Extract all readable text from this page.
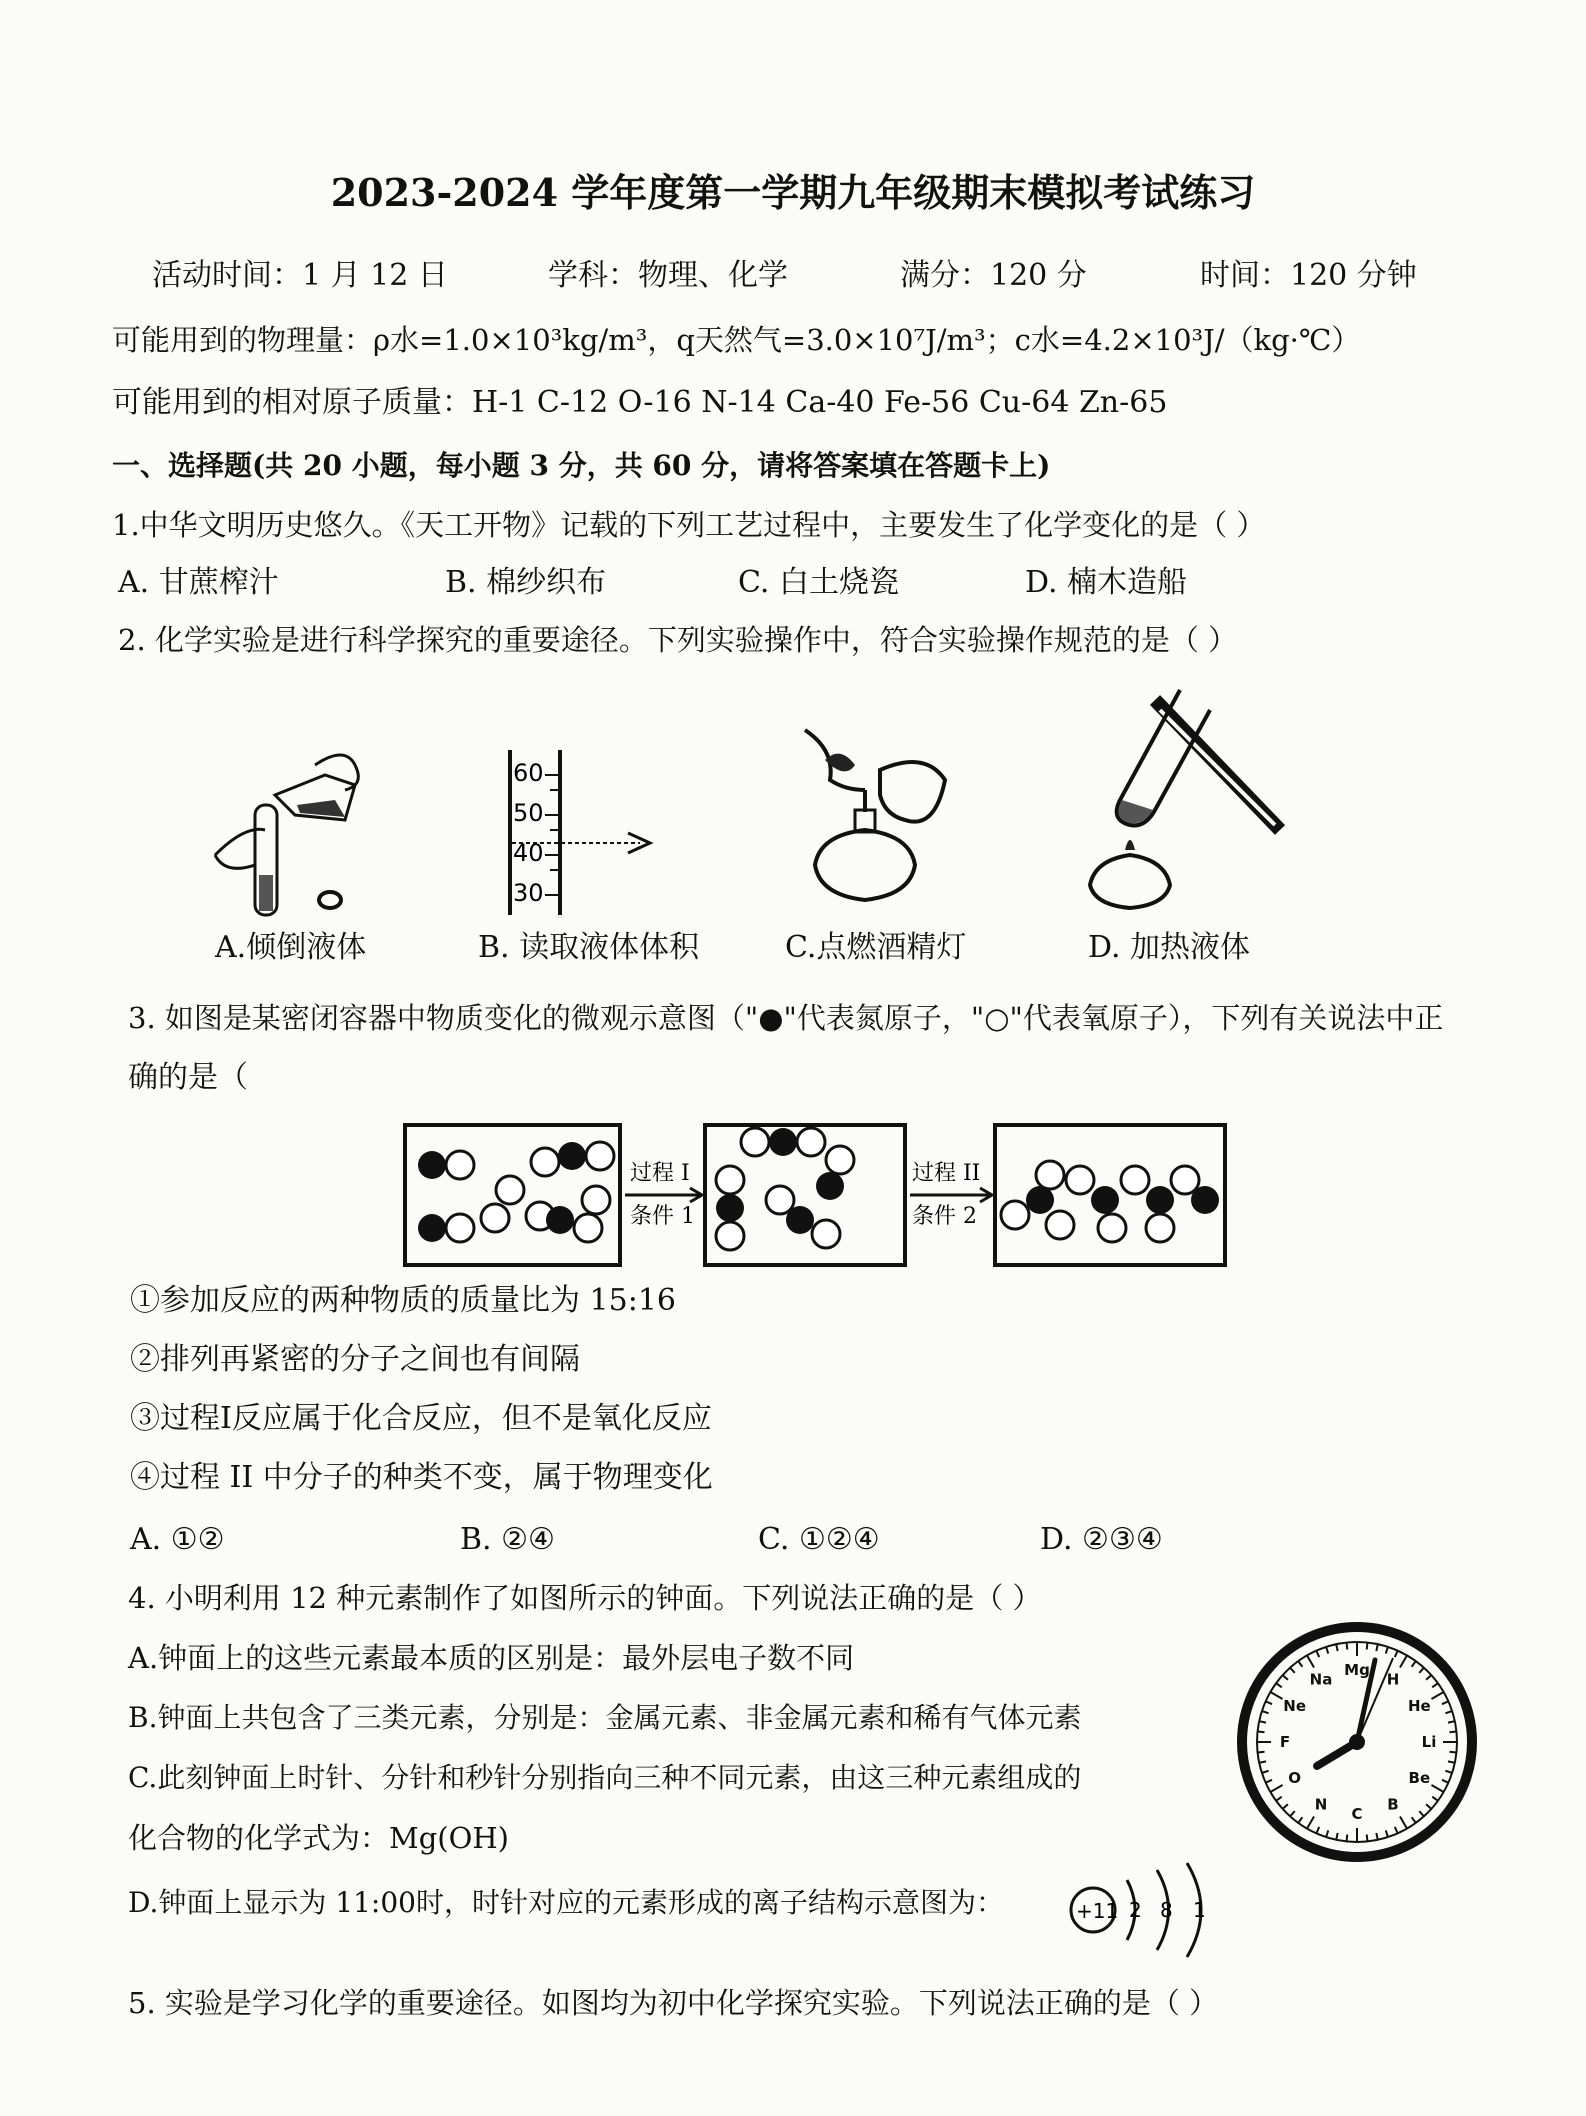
2023-2024 学年度第一学期九年级期末模拟考试练习
活动时间：1 月 12 日	学科：物理、化学	满分：120 分	时间：120 分钟
可能用到的物理量：ρ水=1.0×10³kg/m³，q天然气=3.0×10⁷J/m³；c水=4.2×10³J/（kg·℃）
可能用到的相对原子质量：H-1 C-12 O-16 N-14 Ca-40 Fe-56 Cu-64 Zn-65
一、选择题(共 20 小题，每小题 3 分，共 60 分，请将答案填在答题卡上)
1.中华文明历史悠久。《天工开物》记载的下列工艺过程中，主要发生了化学变化的是（ ）
A. 甘蔗榨汁	B. 棉纱织布	C. 白土烧瓷	D. 楠木造船
2. 化学实验是进行科学探究的重要途径。下列实验操作中，符合实验操作规范的是（ ）
60
50
40
30
A.倾倒液体	B. 读取液体体积	C.点燃酒精灯	D. 加热液体
3. 如图是某密闭容器中物质变化的微观示意图（"●"代表氮原子，"○"代表氧原子），下列有关说法中正
确的是（
过程 I
条件 1
过程 II
条件 2
①参加反应的两种物质的质量比为 15:16
②排列再紧密的分子之间也有间隔
③过程I反应属于化合反应，但不是氧化反应
④过程 II 中分子的种类不变，属于物理变化
A. ①②	B. ②④	C. ①②④	D. ②③④
4. 小明利用 12 种元素制作了如图所示的钟面。下列说法正确的是（ ）
A.钟面上的这些元素最本质的区别是：最外层电子数不同
B.钟面上共包含了三类元素，分别是：金属元素、非金属元素和稀有气体元素
C.此刻钟面上时针、分针和秒针分别指向三种不同元素，由这三种元素组成的
化合物的化学式为：Mg(OH)
D.钟面上显示为 11:00时，时针对应的元素形成的离子结构示意图为：	+11 2 8 1
H
He
Li
Be
B
C
N
O
F
Ne
Na
Mg
5. 实验是学习化学的重要途径。如图均为初中化学探究实验。下列说法正确的是（ ）
